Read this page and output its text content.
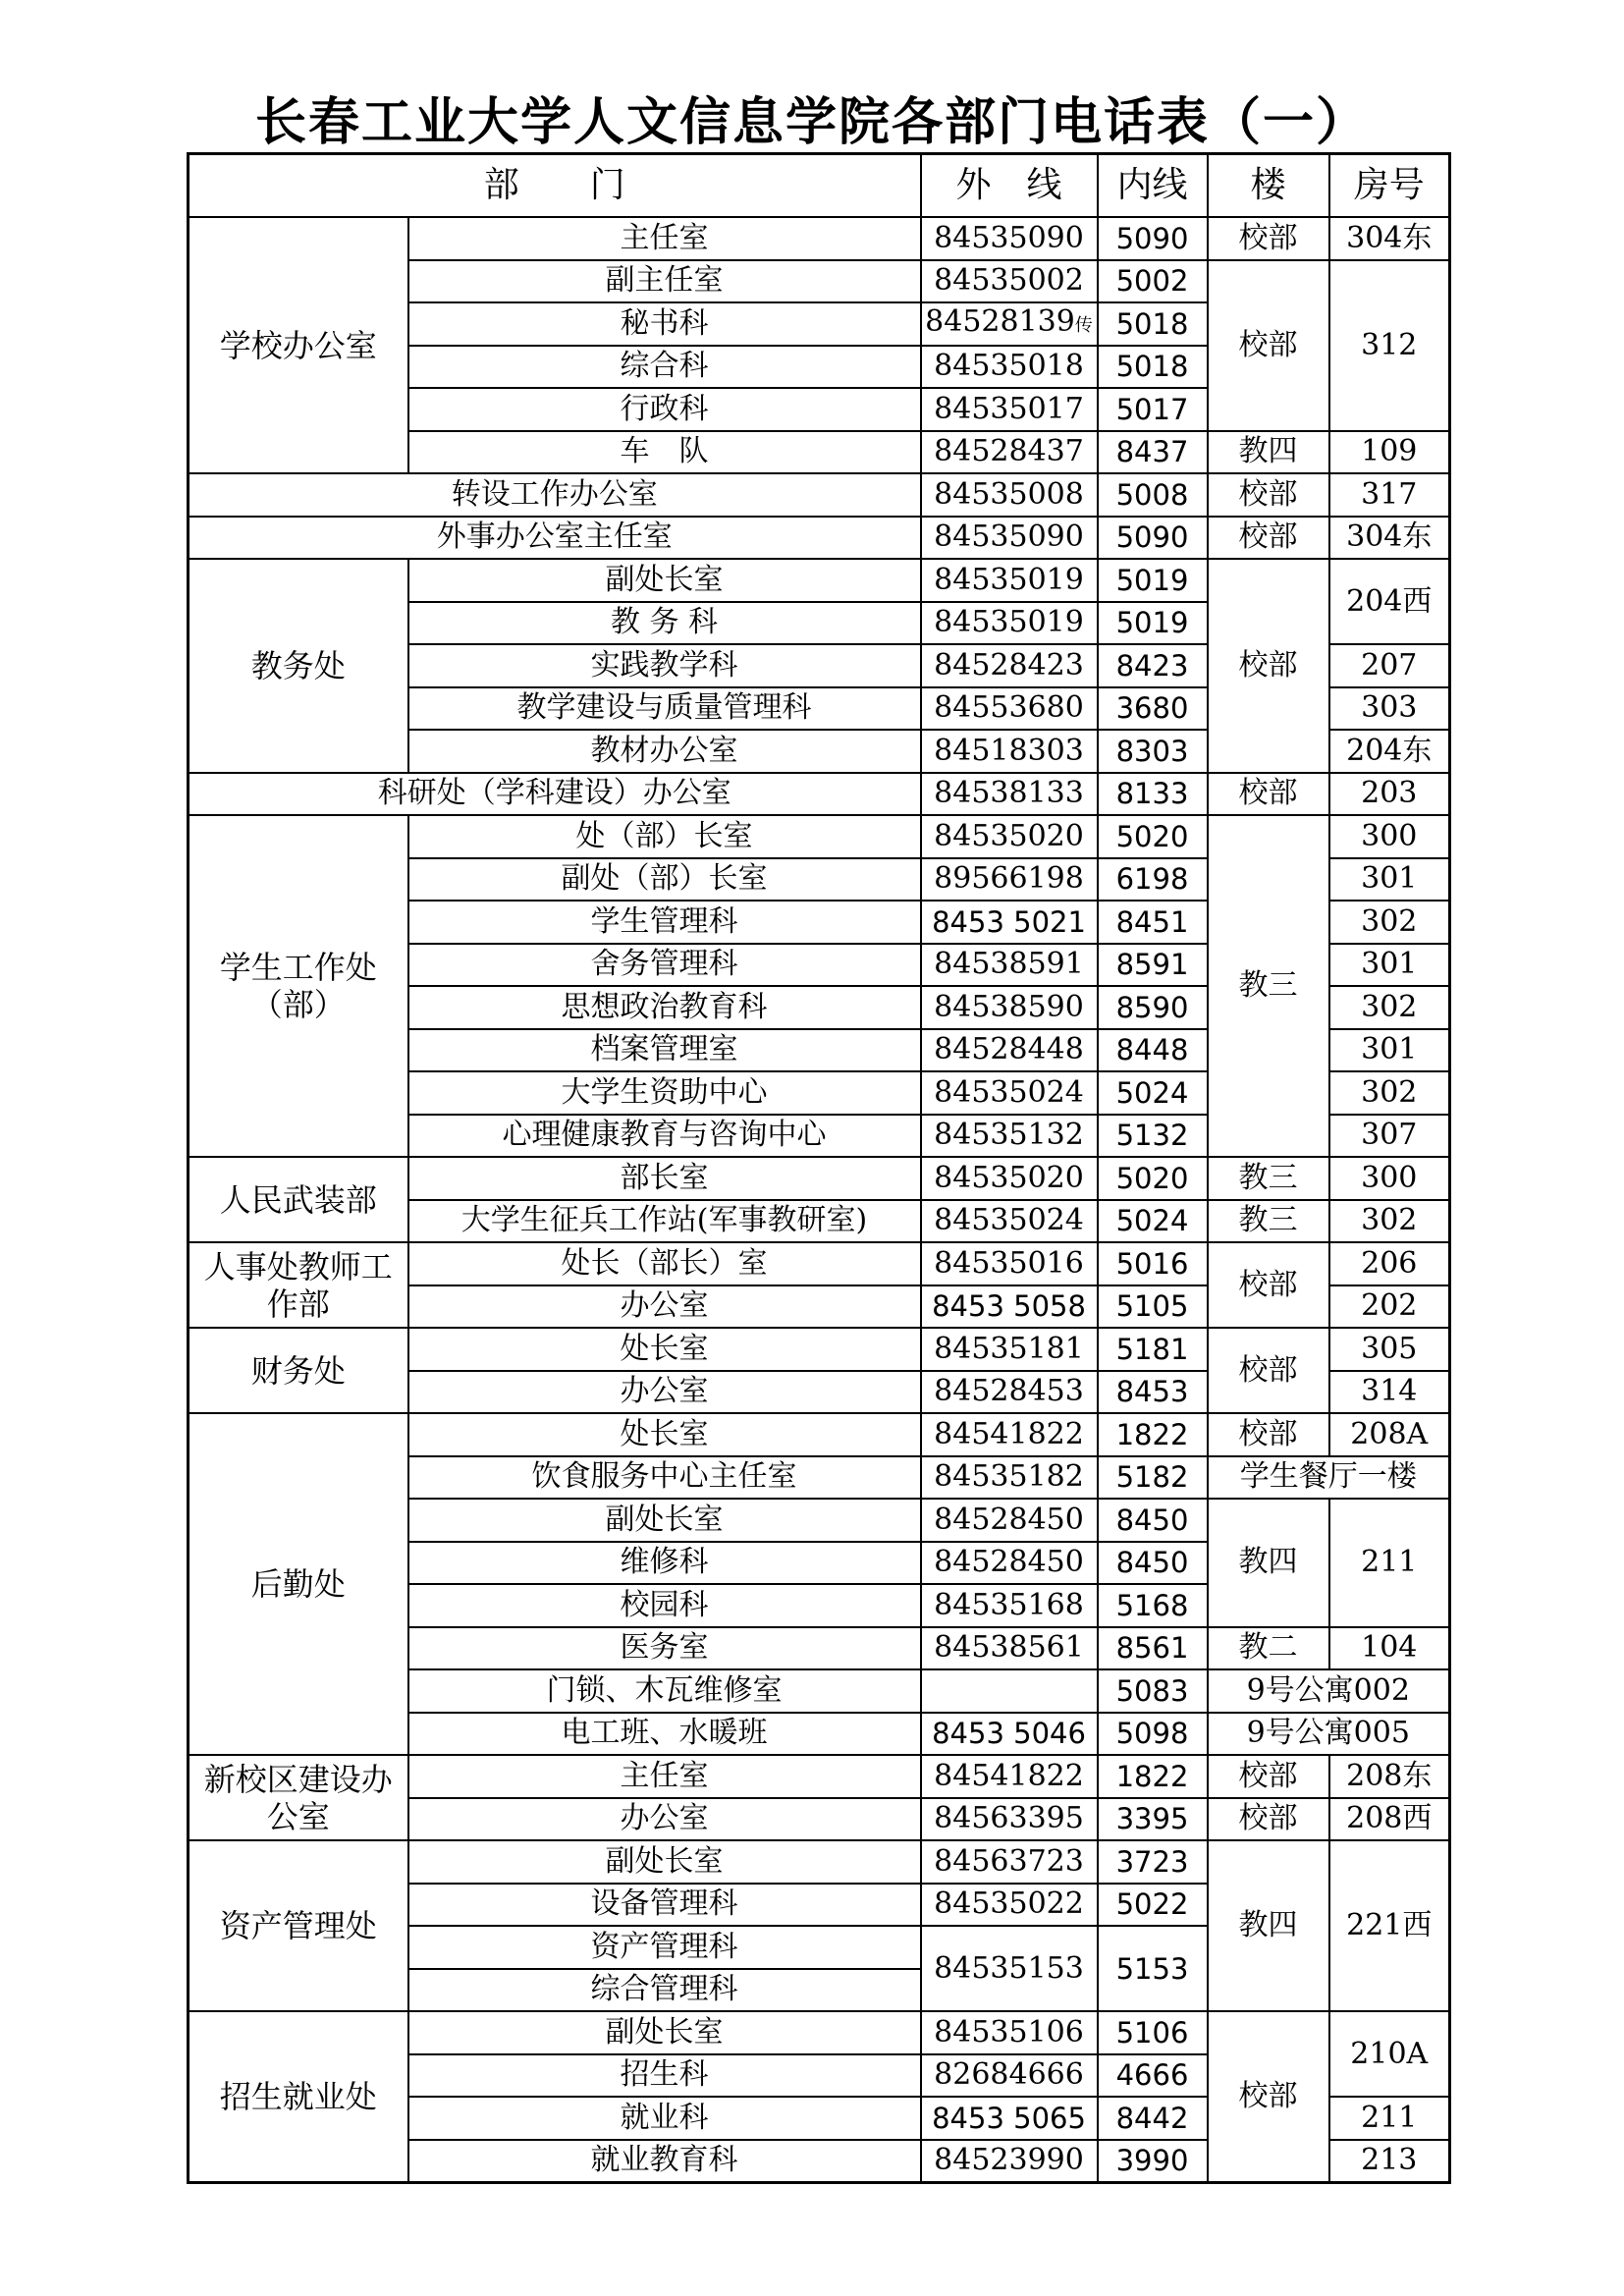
长春工业大学人文信息学院各部门电话表（一）
部　　门		外　线	内线	楼	房号
学校办公室	主任室	84535090	5090	校部	304东
	副主任室	84535002	5002	校部	312
	秘书科	84528139传	5018		
	综合科	84535018	5018		
	行政科	84535017	5017		
	车　队	84528437	8437	教四	109
转设工作办公室		84535008	5008	校部	317
外事办公室主任室		84535090	5090	校部	304东
教务处	副处长室	84535019	5019	校部	204西
	教 务 科	84535019	5019		
	实践教学科	84528423	8423		207
	教学建设与质量管理科	84553680	3680		303
	教材办公室	84518303	8303		204东
科研处（学科建设）办公室		84538133	8133	校部	203
学生工作处（部）	处（部）长室	84535020	5020	教三	300
	副处（部）长室	89566198	6198		301
	学生管理科	8453 5021	8451		302
	舍务管理科	84538591	8591		301
	思想政治教育科	84538590	8590		302
	档案管理室	84528448	8448		301
	大学生资助中心	84535024	5024		302
	心理健康教育与咨询中心	84535132	5132		307
人民武装部	部长室	84535020	5020	教三	300
	大学生征兵工作站(军事教研室)	84535024	5024	教三	302
人事处教师工作部	处长（部长）室	84535016	5016	校部	206
	办公室	8453 5058	5105		202
财务处	处长室	84535181	5181	校部	305
	办公室	84528453	8453		314
后勤处	处长室	84541822	1822	校部	208A
	饮食服务中心主任室	84535182	5182	学生餐厅一楼	
	副处长室	84528450	8450	教四	211
	维修科	84528450	8450		
	校园科	84535168	5168		
	医务室	84538561	8561	教二	104
	门锁、木瓦维修室		5083	9号公寓002	
	电工班、水暖班	8453 5046	5098	9号公寓005	
新校区建设办公室	主任室	84541822	1822	校部	208东
	办公室	84563395	3395	校部	208西
资产管理处	副处长室	84563723	3723	教四	221西
	设备管理科	84535022	5022		
	资产管理科	84535153	5153		
	综合管理科				
招生就业处	副处长室	84535106	5106	校部	210A
	招生科	82684666	4666		
	就业科	8453 5065	8442		211
	就业教育科	84523990	3990		213
